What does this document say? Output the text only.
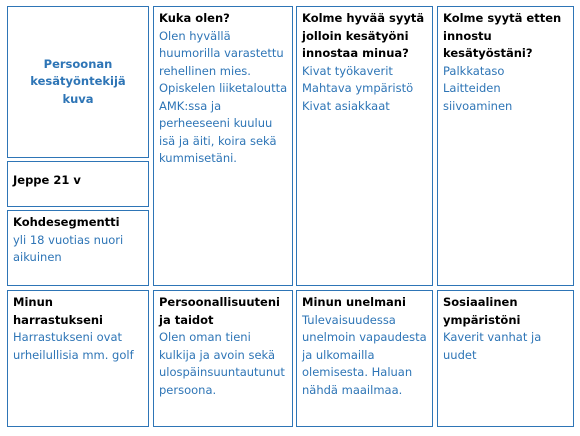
Persoonan kesätyöntekijä kuva
Jeppe 21 v
Kohdesegmentti
yli 18 vuotias nuori aikuinen
Kuka olen?
Olen hyvällä huumorilla varastettu rehellinen mies.
Opiskelen liiketaloutta AMK:ssa ja perheeseeni kuuluu isä ja äiti, koira sekä kummisetäni.
Kolme hyvää syytä jolloin kesätyöni innostaa minua?
Kivat työkaverit
Mahtava ympäristö
Kivat asiakkaat
Kolme syytä etten innostu kesätyöstäni?
Palkkataso
Laitteiden siivoaminen
Minun harrastukseni
Harrastukseni ovat urheilullisia mm. golf
Persoonallisuuteni ja taidot
Olen oman tieni kulkija ja avoin sekä ulospäinsuuntautunut persoona.
Minun unelmani
Tulevaisuudessa unelmoin vapaudesta ja ulkomailla olemisesta. Haluan nähdä maailmaa.
Sosiaalinen ympäristöni
Kaverit vanhat ja uudet
